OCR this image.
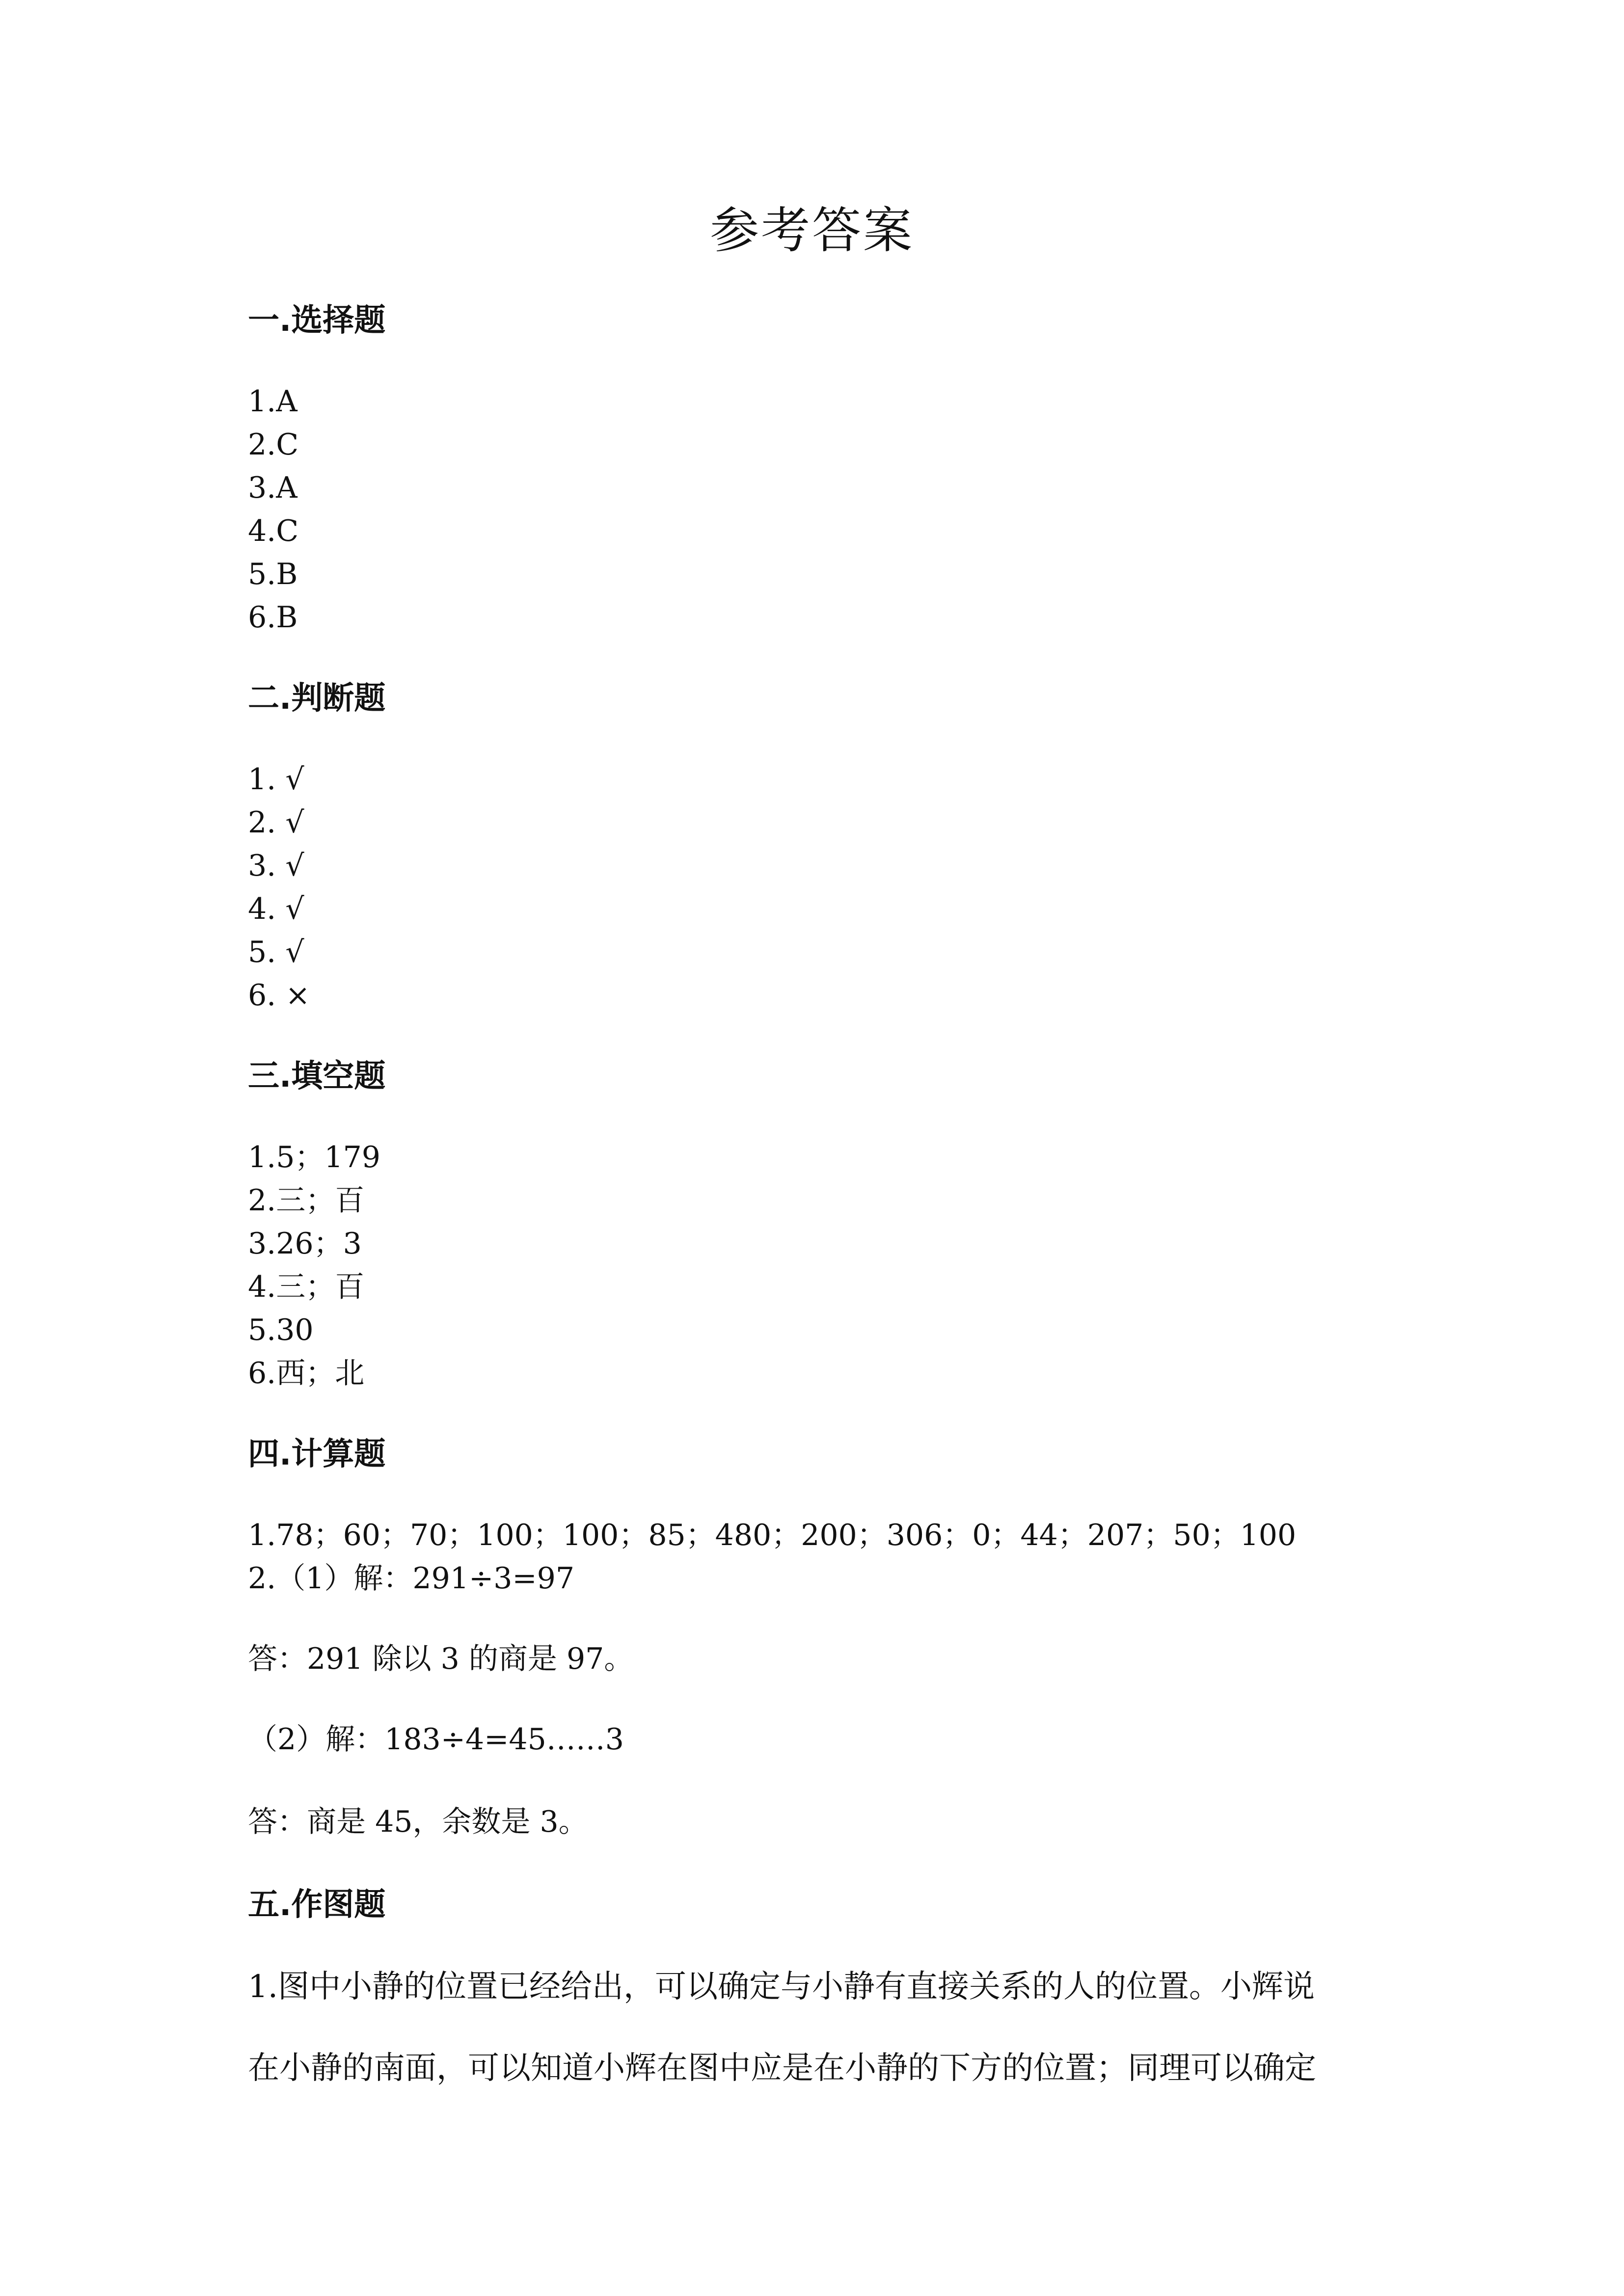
参考答案
一.选择题
1.A
2.C
3.A
4.C
5.B
6.B
二.判断题
1. √
2. √
3. √
4. √
5. √
6. ×
三.填空题
1.5；179
2.三；百
3.26；3
4.三；百
5.30
6.西；北
四.计算题
1.78；60；70；100；100；85；480；200；306；0；44；207；50；100
2.（1）解：291÷3=97
答：291 除以 3 的商是 97。
（2）解：183÷4=45……3
答：商是 45，余数是 3。
五.作图题
1.图中小静的位置已经给出，可以确定与小静有直接关系的人的位置。小辉说
在小静的南面，可以知道小辉在图中应是在小静的下方的位置；同理可以确定
